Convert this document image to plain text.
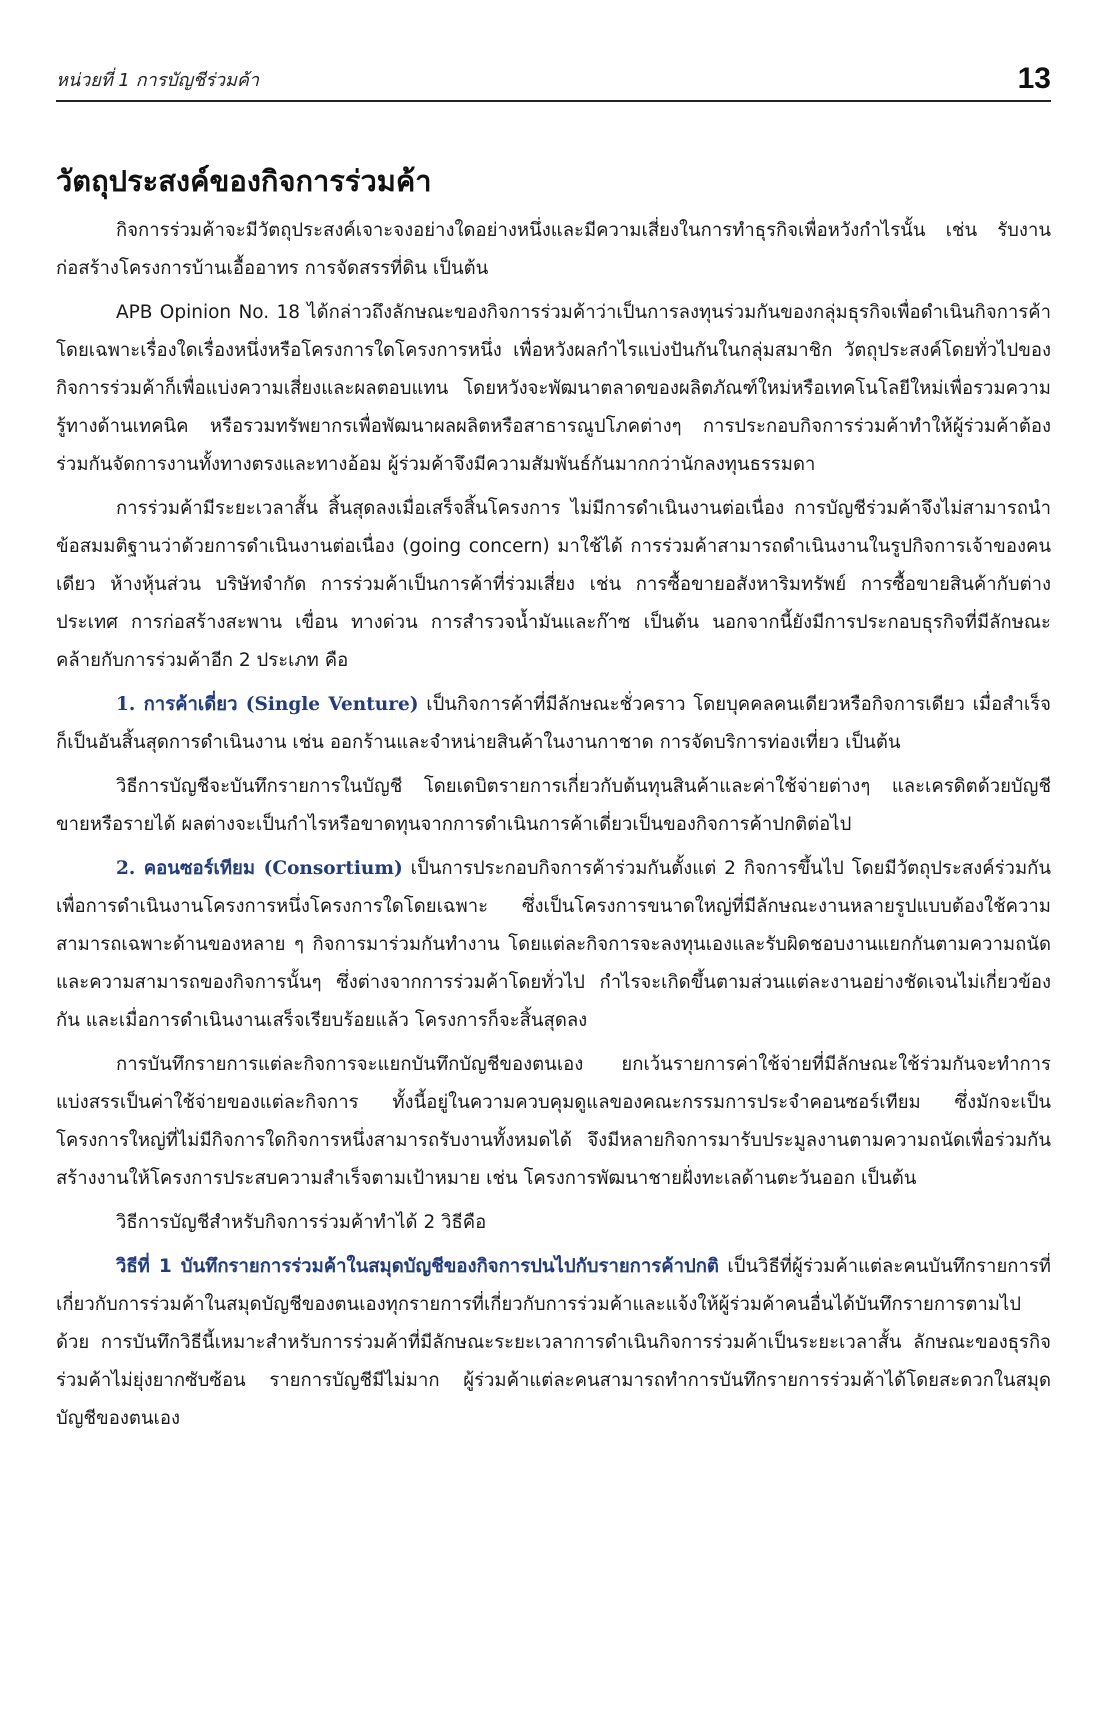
หน่วยที่ 1 การบัญชีร่วมค้า	13
วัตถุประสงค์ของกิจการร่วมค้า

กิจการร่วมค้าจะมีวัตถุประสงค์เจาะจงอย่างใดอย่างหนึ่งและมีความเสี่ยงในการทำธุรกิจเพื่อหวังกำไรนั้น เช่น รับงานก่อสร้างโครงการบ้านเอื้ออาทร การจัดสรรที่ดิน เป็นต้น

APB Opinion No. 18 ได้กล่าวถึงลักษณะของกิจการร่วมค้าว่าเป็นการลงทุนร่วมกันของกลุ่มธุรกิจเพื่อดำเนินกิจการค้าโดยเฉพาะเรื่องใดเรื่องหนึ่งหรือโครงการใดโครงการหนึ่ง เพื่อหวังผลกำไรแบ่งปันกันในกลุ่มสมาชิก วัตถุประสงค์โดยทั่วไปของกิจการร่วมค้าก็เพื่อแบ่งความเสี่ยงและผลตอบแทน โดยหวังจะพัฒนาตลาดของผลิตภัณฑ์ใหม่หรือเทคโนโลยีใหม่เพื่อรวมความรู้ทางด้านเทคนิค หรือรวมทรัพยากรเพื่อพัฒนาผลผลิตหรือสาธารณูปโภคต่างๆ การประกอบกิจการร่วมค้าทำให้ผู้ร่วมค้าต้องร่วมกันจัดการงานทั้งทางตรงและทางอ้อม ผู้ร่วมค้าจึงมีความสัมพันธ์กันมากกว่านักลงทุนธรรมดา

การร่วมค้ามีระยะเวลาสั้น สิ้นสุดลงเมื่อเสร็จสิ้นโครงการ ไม่มีการดำเนินงานต่อเนื่อง การบัญชีร่วมค้าจึงไม่สามารถนำข้อสมมติฐานว่าด้วยการดำเนินงานต่อเนื่อง (going concern) มาใช้ได้ การร่วมค้าสามารถดำเนินงานในรูปกิจการเจ้าของคนเดียว ห้างหุ้นส่วน บริษัทจำกัด การร่วมค้าเป็นการค้าที่ร่วมเสี่ยง เช่น การซื้อขายอสังหาริมทรัพย์ การซื้อขายสินค้ากับต่างประเทศ การก่อสร้างสะพาน เขื่อน ทางด่วน การสำรวจน้ำมันและก๊าซ เป็นต้น นอกจากนี้ยังมีการประกอบธุรกิจที่มีลักษณะคล้ายกับการร่วมค้าอีก 2 ประเภท คือ

1. การค้าเดี่ยว (Single Venture) เป็นกิจการค้าที่มีลักษณะชั่วคราว โดยบุคคลคนเดียวหรือกิจการเดียว เมื่อสำเร็จก็เป็นอันสิ้นสุดการดำเนินงาน เช่น ออกร้านและจำหน่ายสินค้าในงานกาชาด การจัดบริการท่องเที่ยว เป็นต้น

วิธีการบัญชีจะบันทึกรายการในบัญชี โดยเดบิตรายการเกี่ยวกับต้นทุนสินค้าและค่าใช้จ่ายต่างๆ และเครดิตด้วยบัญชีขายหรือรายได้ ผลต่างจะเป็นกำไรหรือขาดทุนจากการดำเนินการค้าเดี่ยวเป็นของกิจการค้าปกติต่อไป

2. คอนซอร์เทียม (Consortium) เป็นการประกอบกิจการค้าร่วมกันตั้งแต่ 2 กิจการขึ้นไป โดยมีวัตถุประสงค์ร่วมกันเพื่อการดำเนินงานโครงการหนึ่งโครงการใดโดยเฉพาะ ซึ่งเป็นโครงการขนาดใหญ่ที่มีลักษณะงานหลายรูปแบบต้องใช้ความสามารถเฉพาะด้านของหลาย ๆ กิจการมาร่วมกันทำงาน โดยแต่ละกิจการจะลงทุนเองและรับผิดชอบงานแยกกันตามความถนัดและความสามารถของกิจการนั้นๆ ซึ่งต่างจากการร่วมค้าโดยทั่วไป กำไรจะเกิดขึ้นตามส่วนแต่ละงานอย่างชัดเจนไม่เกี่ยวข้องกัน และเมื่อการดำเนินงานเสร็จเรียบร้อยแล้ว โครงการก็จะสิ้นสุดลง

การบันทึกรายการแต่ละกิจการจะแยกบันทึกบัญชีของตนเอง ยกเว้นรายการค่าใช้จ่ายที่มีลักษณะใช้ร่วมกันจะทำการแบ่งสรรเป็นค่าใช้จ่ายของแต่ละกิจการ ทั้งนี้อยู่ในความควบคุมดูแลของคณะกรรมการประจำคอนซอร์เทียม ซึ่งมักจะเป็นโครงการใหญ่ที่ไม่มีกิจการใดกิจการหนึ่งสามารถรับงานทั้งหมดได้ จึงมีหลายกิจการมารับประมูลงานตามความถนัดเพื่อร่วมกันสร้างงานให้โครงการประสบความสำเร็จตามเป้าหมาย เช่น โครงการพัฒนาชายฝั่งทะเลด้านตะวันออก เป็นต้น

วิธีการบัญชีสำหรับกิจการร่วมค้าทำได้ 2 วิธีคือ

วิธีที่ 1 บันทึกรายการร่วมค้าในสมุดบัญชีของกิจการปนไปกับรายการค้าปกติ เป็นวิธีที่ผู้ร่วมค้าแต่ละคนบันทึกรายการที่เกี่ยวกับการร่วมค้าในสมุดบัญชีของตนเองทุกรายการที่เกี่ยวกับการร่วมค้าและแจ้งให้ผู้ร่วมค้าคนอื่นได้บันทึกรายการตามไปด้วย การบันทึกวิธีนี้เหมาะสำหรับการร่วมค้าที่มีลักษณะระยะเวลาการดำเนินกิจการร่วมค้าเป็นระยะเวลาสั้น ลักษณะของธุรกิจร่วมค้าไม่ยุ่งยากซับซ้อน รายการบัญชีมีไม่มาก ผู้ร่วมค้าแต่ละคนสามารถทำการบันทึกรายการร่วมค้าได้โดยสะดวกในสมุดบัญชีของตนเอง
